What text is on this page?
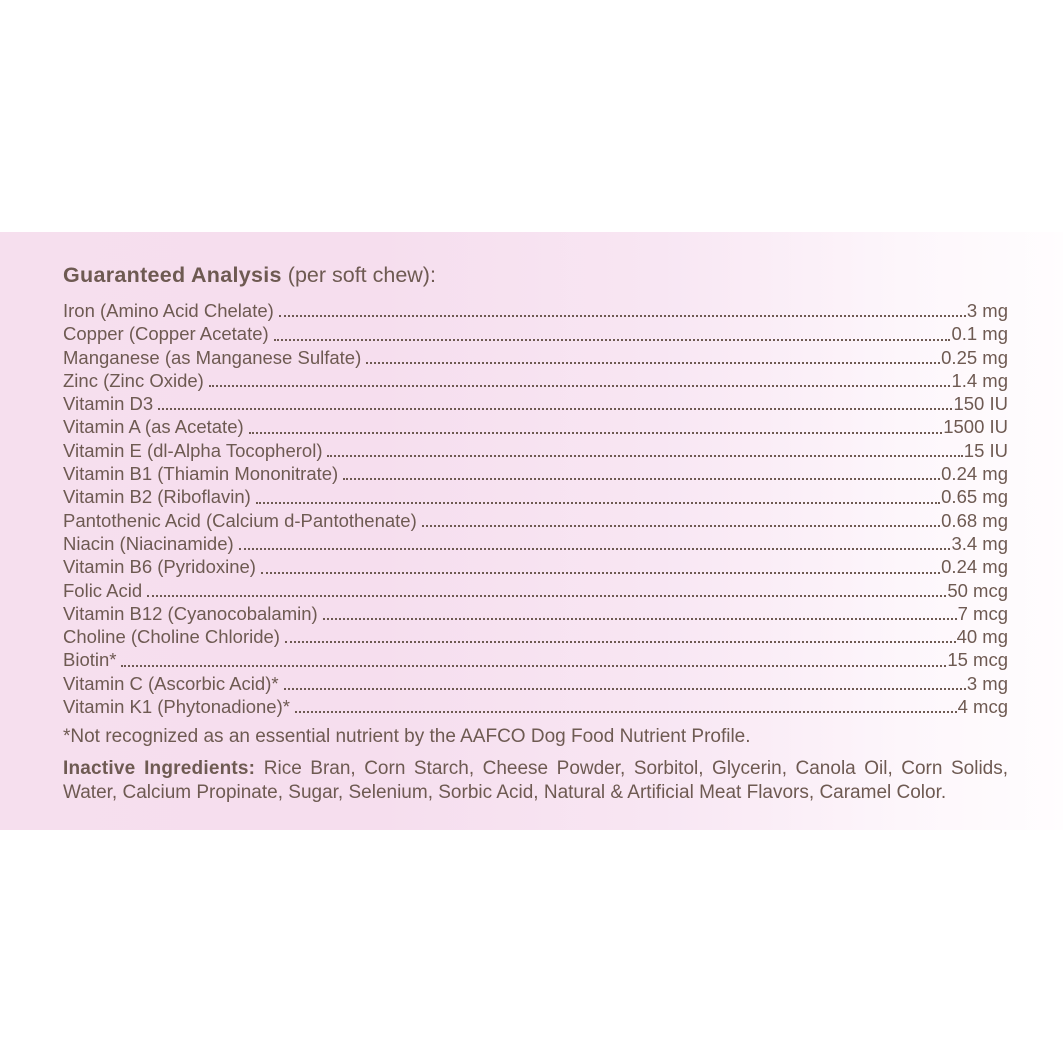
Guaranteed Analysis (per soft chew):
Iron (Amino Acid Chelate)	3 mg
Copper (Copper Acetate)	0.1 mg
Manganese (as Manganese Sulfate)	0.25 mg
Zinc (Zinc Oxide)	1.4 mg
Vitamin D3	150 IU
Vitamin A (as Acetate)	1500 IU
Vitamin E (dl-Alpha Tocopherol)	15 IU
Vitamin B1 (Thiamin Mononitrate)	0.24 mg
Vitamin B2 (Riboflavin)	0.65 mg
Pantothenic Acid (Calcium d-Pantothenate)	0.68 mg
Niacin (Niacinamide)	3.4 mg
Vitamin B6 (Pyridoxine)	0.24 mg
Folic Acid	50 mcg
Vitamin B12 (Cyanocobalamin)	7 mcg
Choline (Choline Chloride)	40 mg
Biotin*	15 mcg
Vitamin C (Ascorbic Acid)*	3 mg
Vitamin K1 (Phytonadione)*	4 mcg

*Not recognized as an essential nutrient by the AAFCO Dog Food Nutrient Profile.

Inactive Ingredients: Rice Bran, Corn Starch, Cheese Powder, Sorbitol, Glycerin, Canola Oil, Corn Solids, Water, Calcium Propinate, Sugar, Selenium, Sorbic Acid, Natural & Artificial Meat Flavors, Caramel Color.
